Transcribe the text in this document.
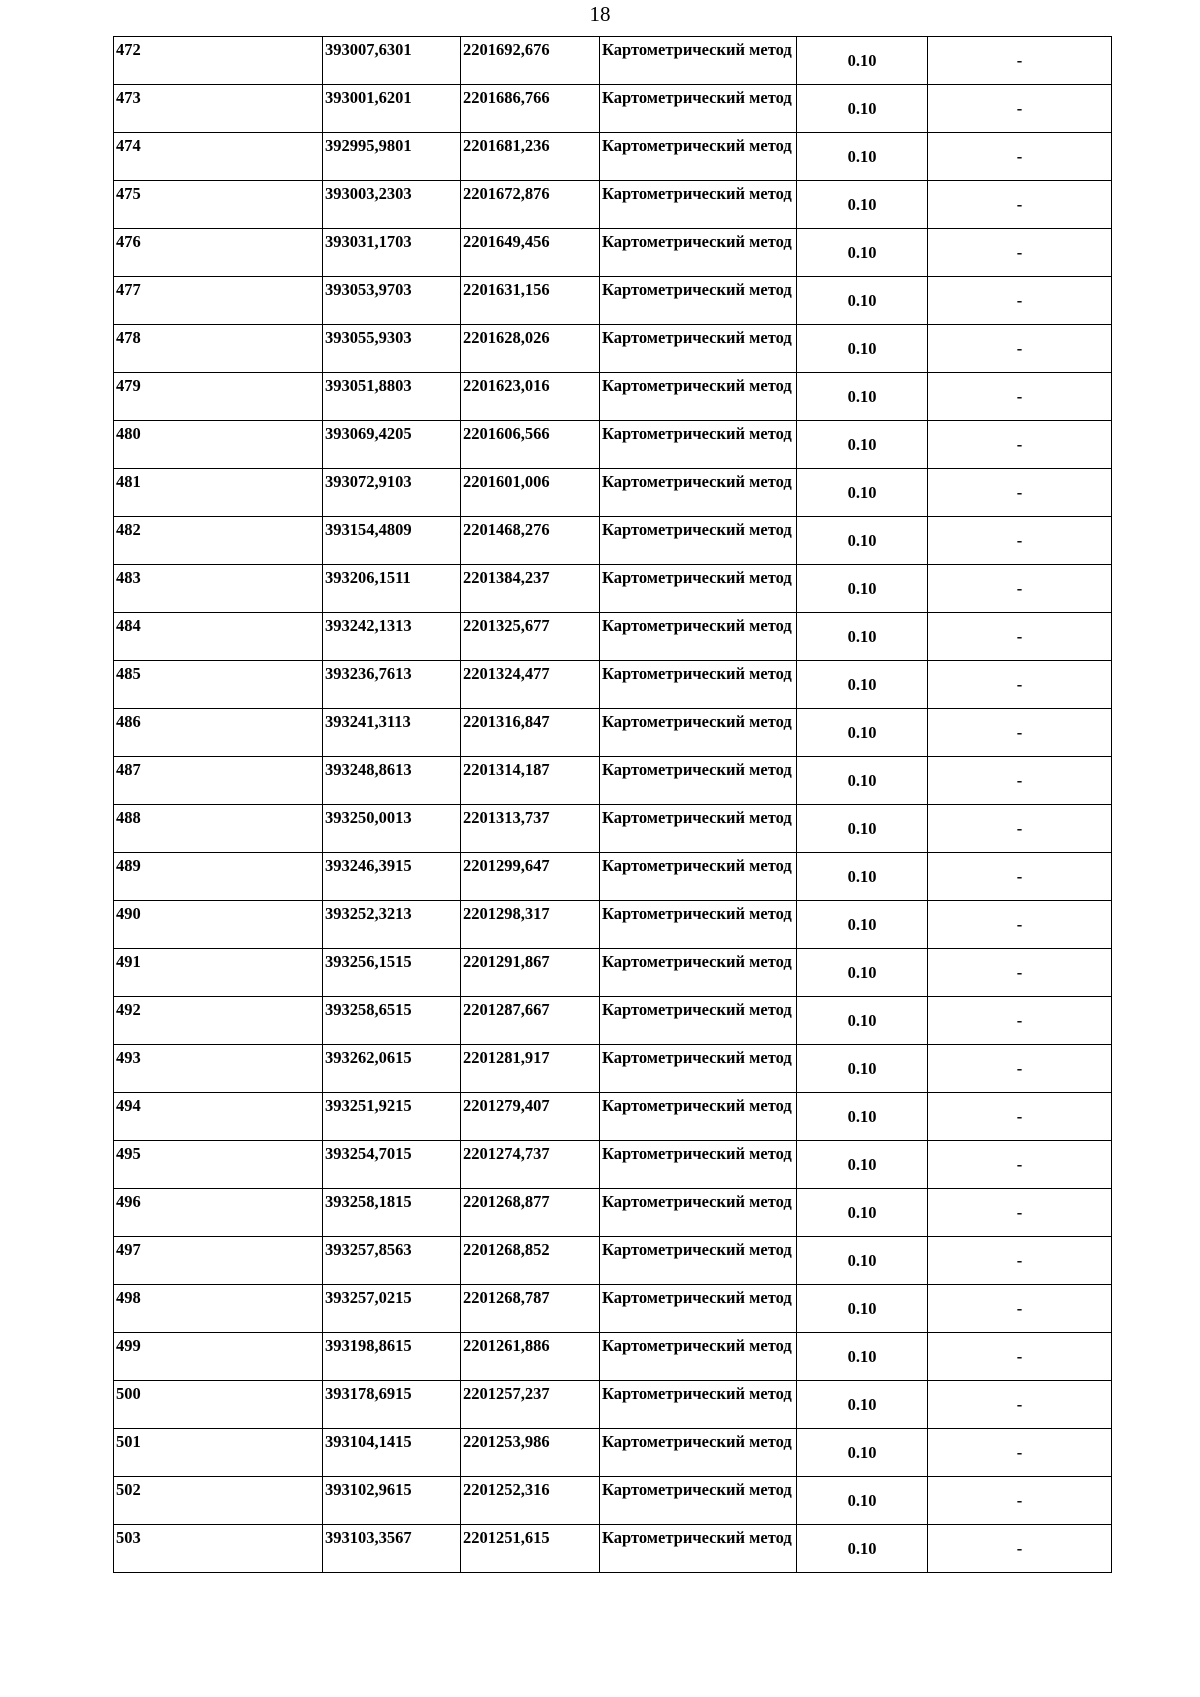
18
472	393007,6301	2201692,676	Картометрический метод	0.10	-
473	393001,6201	2201686,766	Картометрический метод	0.10	-
474	392995,9801	2201681,236	Картометрический метод	0.10	-
475	393003,2303	2201672,876	Картометрический метод	0.10	-
476	393031,1703	2201649,456	Картометрический метод	0.10	-
477	393053,9703	2201631,156	Картометрический метод	0.10	-
478	393055,9303	2201628,026	Картометрический метод	0.10	-
479	393051,8803	2201623,016	Картометрический метод	0.10	-
480	393069,4205	2201606,566	Картометрический метод	0.10	-
481	393072,9103	2201601,006	Картометрический метод	0.10	-
482	393154,4809	2201468,276	Картометрический метод	0.10	-
483	393206,1511	2201384,237	Картометрический метод	0.10	-
484	393242,1313	2201325,677	Картометрический метод	0.10	-
485	393236,7613	2201324,477	Картометрический метод	0.10	-
486	393241,3113	2201316,847	Картометрический метод	0.10	-
487	393248,8613	2201314,187	Картометрический метод	0.10	-
488	393250,0013	2201313,737	Картометрический метод	0.10	-
489	393246,3915	2201299,647	Картометрический метод	0.10	-
490	393252,3213	2201298,317	Картометрический метод	0.10	-
491	393256,1515	2201291,867	Картометрический метод	0.10	-
492	393258,6515	2201287,667	Картометрический метод	0.10	-
493	393262,0615	2201281,917	Картометрический метод	0.10	-
494	393251,9215	2201279,407	Картометрический метод	0.10	-
495	393254,7015	2201274,737	Картометрический метод	0.10	-
496	393258,1815	2201268,877	Картометрический метод	0.10	-
497	393257,8563	2201268,852	Картометрический метод	0.10	-
498	393257,0215	2201268,787	Картометрический метод	0.10	-
499	393198,8615	2201261,886	Картометрический метод	0.10	-
500	393178,6915	2201257,237	Картометрический метод	0.10	-
501	393104,1415	2201253,986	Картометрический метод	0.10	-
502	393102,9615	2201252,316	Картометрический метод	0.10	-
503	393103,3567	2201251,615	Картометрический метод	0.10	-
